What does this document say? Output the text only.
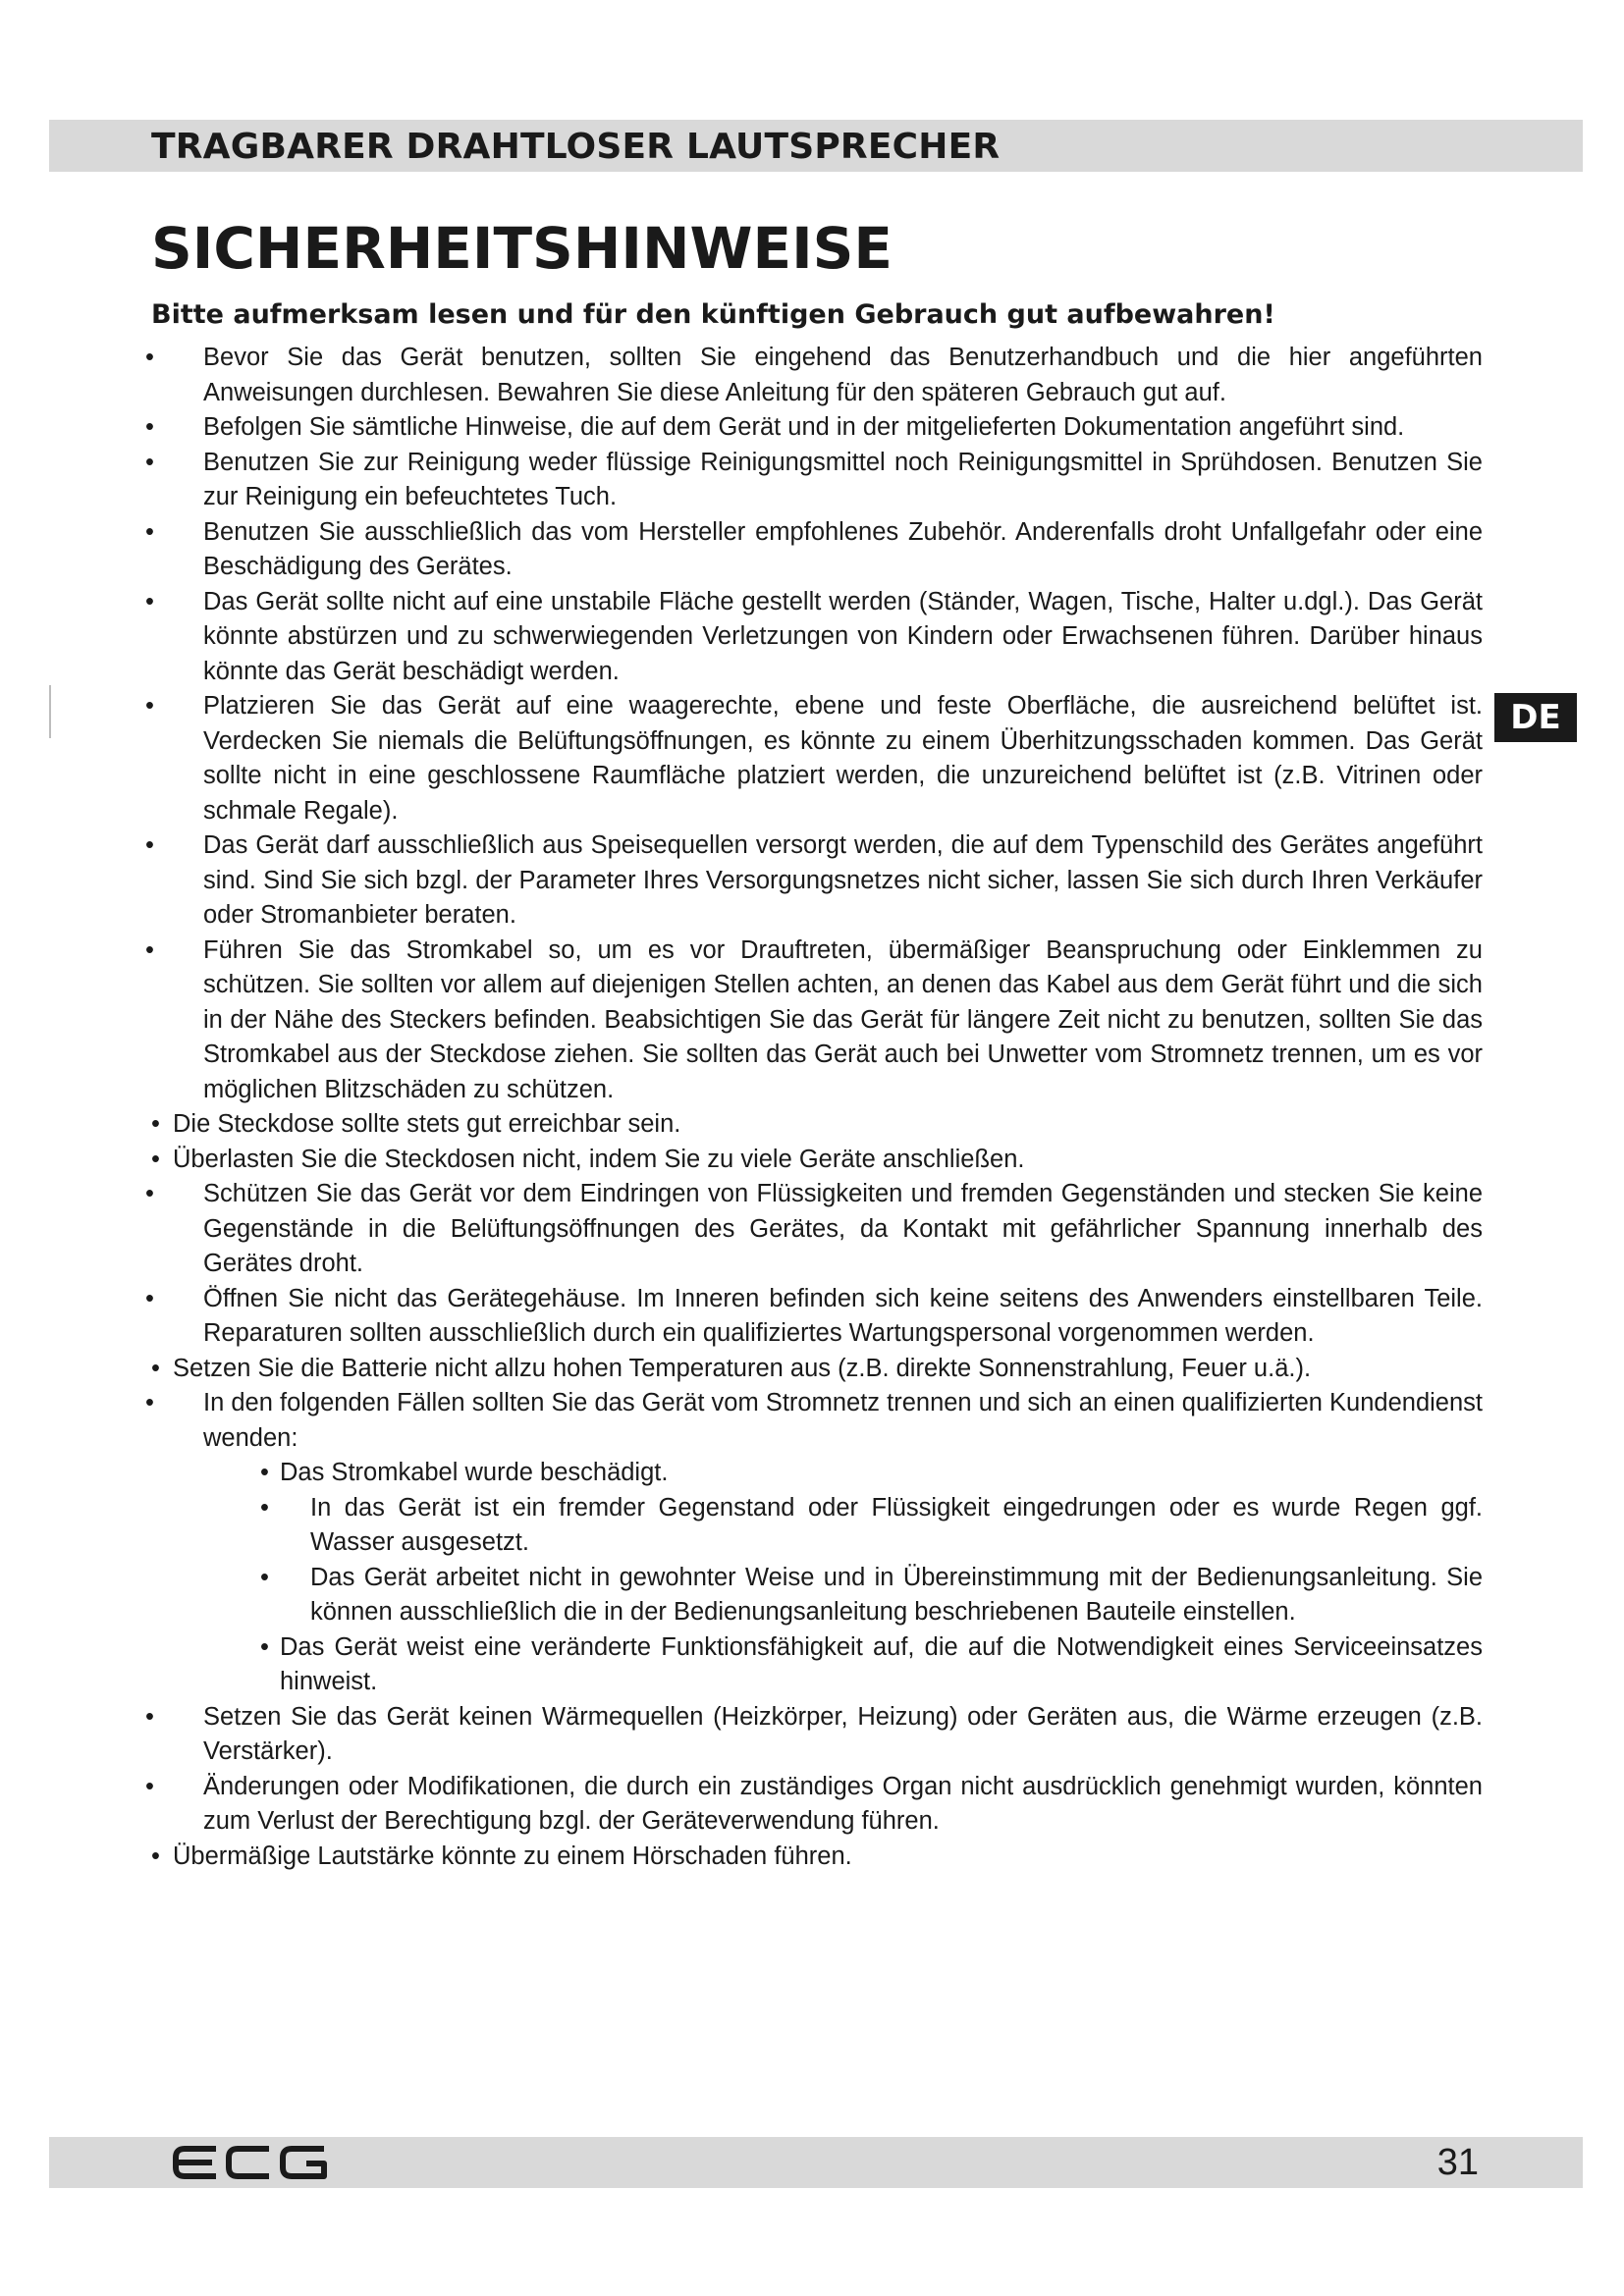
TRAGBARER DRAHTLOSER LAUTSPRECHER
SICHERHEITSHINWEISE

Bitte aufmerksam lesen und für den künftigen Gebrauch gut aufbewahren!

DE
• Bevor Sie das Gerät benutzen, sollten Sie eingehend das Benutzerhandbuch und die hier angeführten Anweisungen durchlesen. Bewahren Sie diese Anleitung für den späteren Gebrauch gut auf.
• Befolgen Sie sämtliche Hinweise, die auf dem Gerät und in der mitgelieferten Dokumentation angeführt sind.
• Benutzen Sie zur Reinigung weder flüssige Reinigungsmittel noch Reinigungsmittel in Sprühdosen. Benutzen Sie zur Reinigung ein befeuchtetes Tuch.
• Benutzen Sie ausschließlich das vom Hersteller empfohlenes Zubehör. Anderenfalls droht Unfallgefahr oder eine Beschädigung des Gerätes.
• Das Gerät sollte nicht auf eine unstabile Fläche gestellt werden (Ständer, Wagen, Tische, Halter u.dgl.). Das Gerät könnte abstürzen und zu schwerwiegenden Verletzungen von Kindern oder Erwachsenen führen. Darüber hinaus könnte das Gerät beschädigt werden.
• Platzieren Sie das Gerät auf eine waagerechte, ebene und feste Oberfläche, die ausreichend belüftet ist. Verdecken Sie niemals die Belüftungsöffnungen, es könnte zu einem Überhitzungsschaden kommen. Das Gerät sollte nicht in eine geschlossene Raumfläche platziert werden, die unzureichend belüftet ist (z.B. Vitrinen oder schmale Regale).
• Das Gerät darf ausschließlich aus Speisequellen versorgt werden, die auf dem Typenschild des Gerätes angeführt sind. Sind Sie sich bzgl. der Parameter Ihres Versorgungsnetzes nicht sicher, lassen Sie sich durch Ihren Verkäufer oder Stromanbieter beraten.
• Führen Sie das Stromkabel so, um es vor Drauftreten, übermäßiger Beanspruchung oder Einklemmen zu schützen. Sie sollten vor allem auf diejenigen Stellen achten, an denen das Kabel aus dem Gerät führt und die sich in der Nähe des Steckers befinden. Beabsichtigen Sie das Gerät für längere Zeit nicht zu benutzen, sollten Sie das Stromkabel aus der Steckdose ziehen. Sie sollten das Gerät auch bei Unwetter vom Stromnetz trennen, um es vor möglichen Blitzschäden zu schützen.
• Die Steckdose sollte stets gut erreichbar sein.
• Überlasten Sie die Steckdosen nicht, indem Sie zu viele Geräte anschließen.
• Schützen Sie das Gerät vor dem Eindringen von Flüssigkeiten und fremden Gegenständen und stecken Sie keine Gegenstände in die Belüftungsöffnungen des Gerätes, da Kontakt mit gefährlicher Spannung innerhalb des Gerätes droht.
• Öffnen Sie nicht das Gerätegehäuse. Im Inneren befinden sich keine seitens des Anwenders einstellbaren Teile. Reparaturen sollten ausschließlich durch ein qualifiziertes Wartungspersonal vorgenommen werden.
• Setzen Sie die Batterie nicht allzu hohen Temperaturen aus (z.B. direkte Sonnenstrahlung, Feuer u.ä.).
• In den folgenden Fällen sollten Sie das Gerät vom Stromnetz trennen und sich an einen qualifizierten Kundendienst wenden:
• Das Stromkabel wurde beschädigt.
• In das Gerät ist ein fremder Gegenstand oder Flüssigkeit eingedrungen oder es wurde Regen ggf. Wasser ausgesetzt.
• Das Gerät arbeitet nicht in gewohnter Weise und in Übereinstimmung mit der Bedienungsanleitung. Sie können ausschließlich die in der Bedienungsanleitung beschriebenen Bauteile einstellen.
• Das Gerät weist eine veränderte Funktionsfähigkeit auf, die auf die Notwendigkeit eines Serviceeinsatzes hinweist.
• Setzen Sie das Gerät keinen Wärmequellen (Heizkörper, Heizung) oder Geräten aus, die Wärme erzeugen (z.B. Verstärker).
• Änderungen oder Modifikationen, die durch ein zuständiges Organ nicht ausdrücklich genehmigt wurden, könnten zum Verlust der Berechtigung bzgl. der Geräteverwendung führen.
• Übermäßige Lautstärke könnte zu einem Hörschaden führen.
31
